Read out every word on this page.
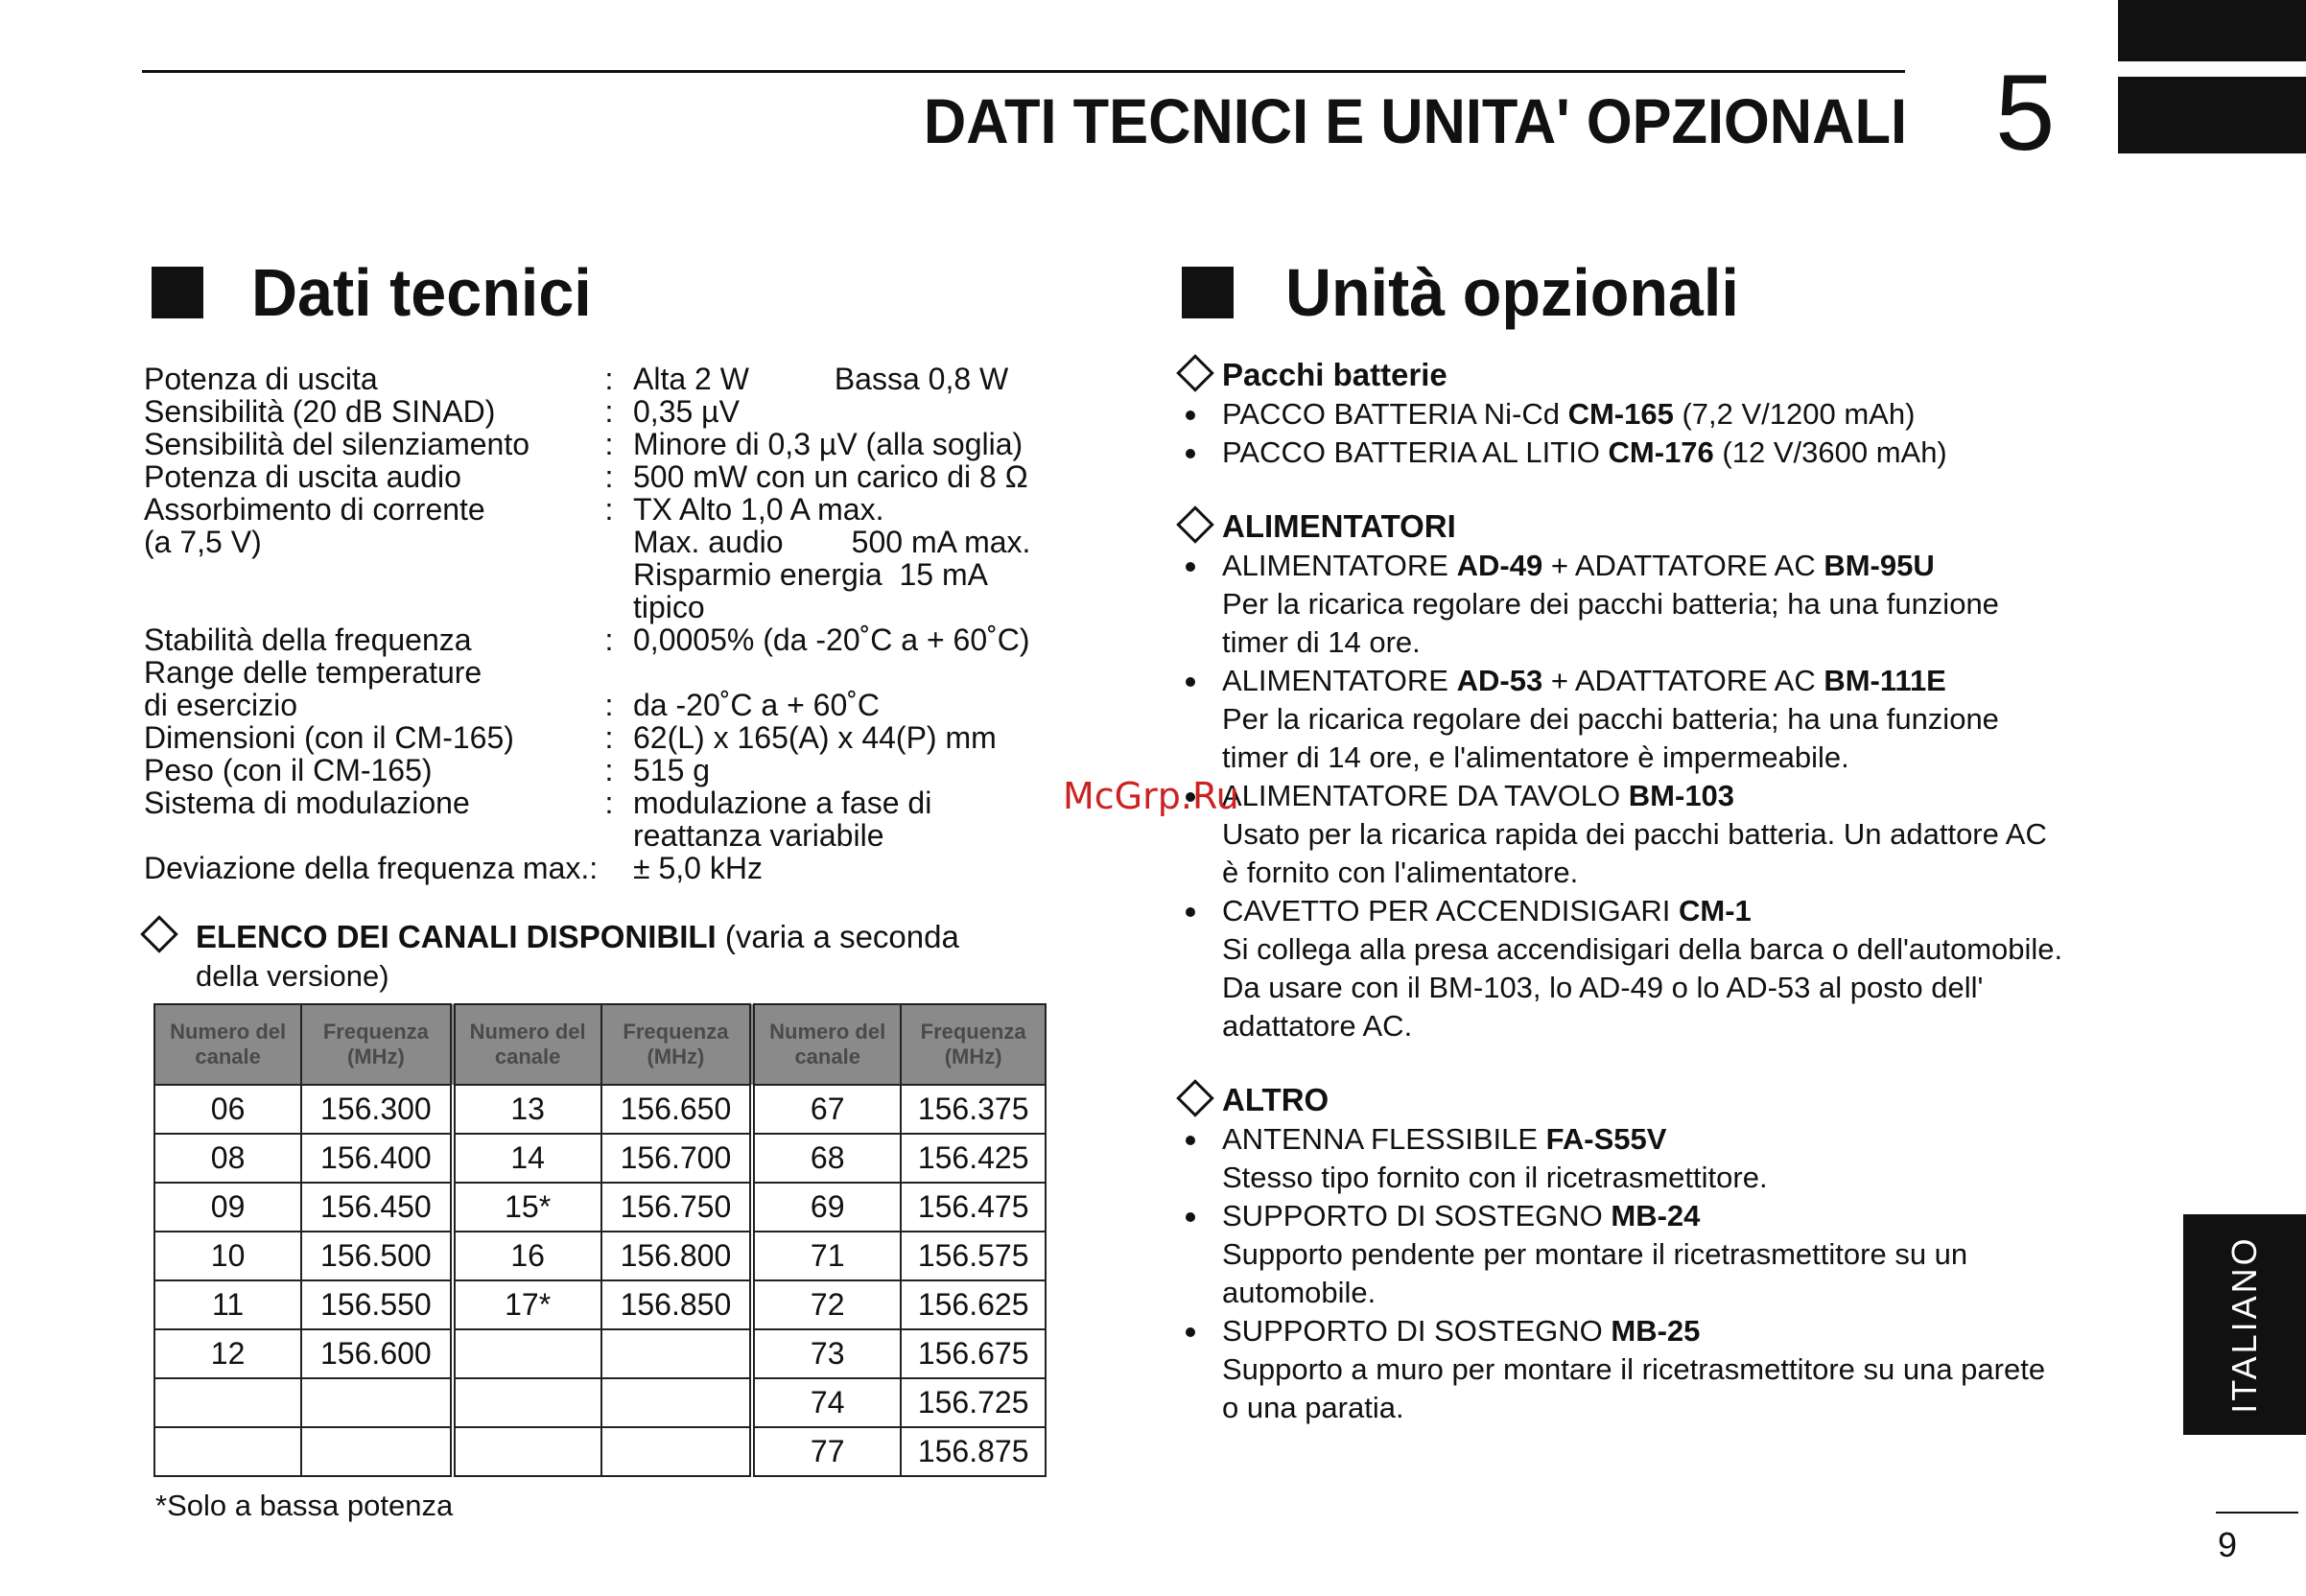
DATI TECNICI E UNITA' OPZIONALI 5
Dati tecnici
Potenza di uscita	: Alta 2 W          Bassa 0,8 W
Sensibilità (20 dB SINAD)	: 0,35 µV
Sensibilità del silenziamento	: Minore di 0,3 µV (alla soglia)
Potenza di uscita audio	: 500 mW con un carico di 8 Ω
Assorbimento di corrente	: TX Alto 1,0 A max.
(a 7,5 V)	Max. audio        500 mA max.
Risparmio energia  15 mA
tipico
Stabilità della frequenza	: 0,0005% (da -20˚C a + 60˚C)
Range delle temperature
di esercizio	: da -20˚C a + 60˚C
Dimensioni (con il CM-165)	: 62(L) x 165(A) x 44(P) mm
Peso (con il CM-165)	: 515 g
Sistema di modulazione	: modulazione a fase di
reattanza variabile
Deviazione della frequenza max.: ± 5,0 kHz
ELENCO DEI CANALI DISPONIBILI (varia a seconda
della versione)
Numero del canale	Frequenza (MHz)	Numero del canale	Frequenza (MHz)	Numero del canale	Frequenza (MHz)
06	156.300	13	156.650	67	156.375
08	156.400	14	156.700	68	156.425
09	156.450	15*	156.750	69	156.475
10	156.500	16	156.800	71	156.575
11	156.550	17*	156.850	72	156.625
12	156.600			73	156.675
				74	156.725
				77	156.875
*Solo a bassa potenza
Unità opzionali
Pacchi batterie
PACCO BATTERIA Ni-Cd CM-165 (7,2 V/1200 mAh)
PACCO BATTERIA AL LITIO CM-176 (12 V/3600 mAh)
ALIMENTATORI
ALIMENTATORE AD-49 + ADATTATORE AC BM-95U
Per la ricarica regolare dei pacchi batteria; ha una funzione timer di 14 ore.
ALIMENTATORE AD-53 + ADATTATORE AC BM-111E
Per la ricarica regolare dei pacchi batteria; ha una funzione timer di 14 ore, e l'alimentatore è impermeabile.
ALIMENTATORE DA TAVOLO BM-103
Usato per la ricarica rapida dei pacchi batteria. Un adattore AC è fornito con l'alimentatore.
CAVETTO PER ACCENDISIGARI CM-1
Si collega alla presa accendisigari della barca o dell'automobile. Da usare con il BM-103, lo AD-49 o lo AD-53 al posto dell' adattatore AC.
ALTRO
ANTENNA FLESSIBILE FA-S55V
Stesso tipo fornito con il ricetrasmettitore.
SUPPORTO DI SOSTEGNO MB-24
Supporto pendente per montare il ricetrasmettitore su un automobile.
SUPPORTO DI SOSTEGNO MB-25
Supporto a muro per montare il ricetrasmettitore su una parete o una paratia.
McGrp.Ru
ITALIANO
9
